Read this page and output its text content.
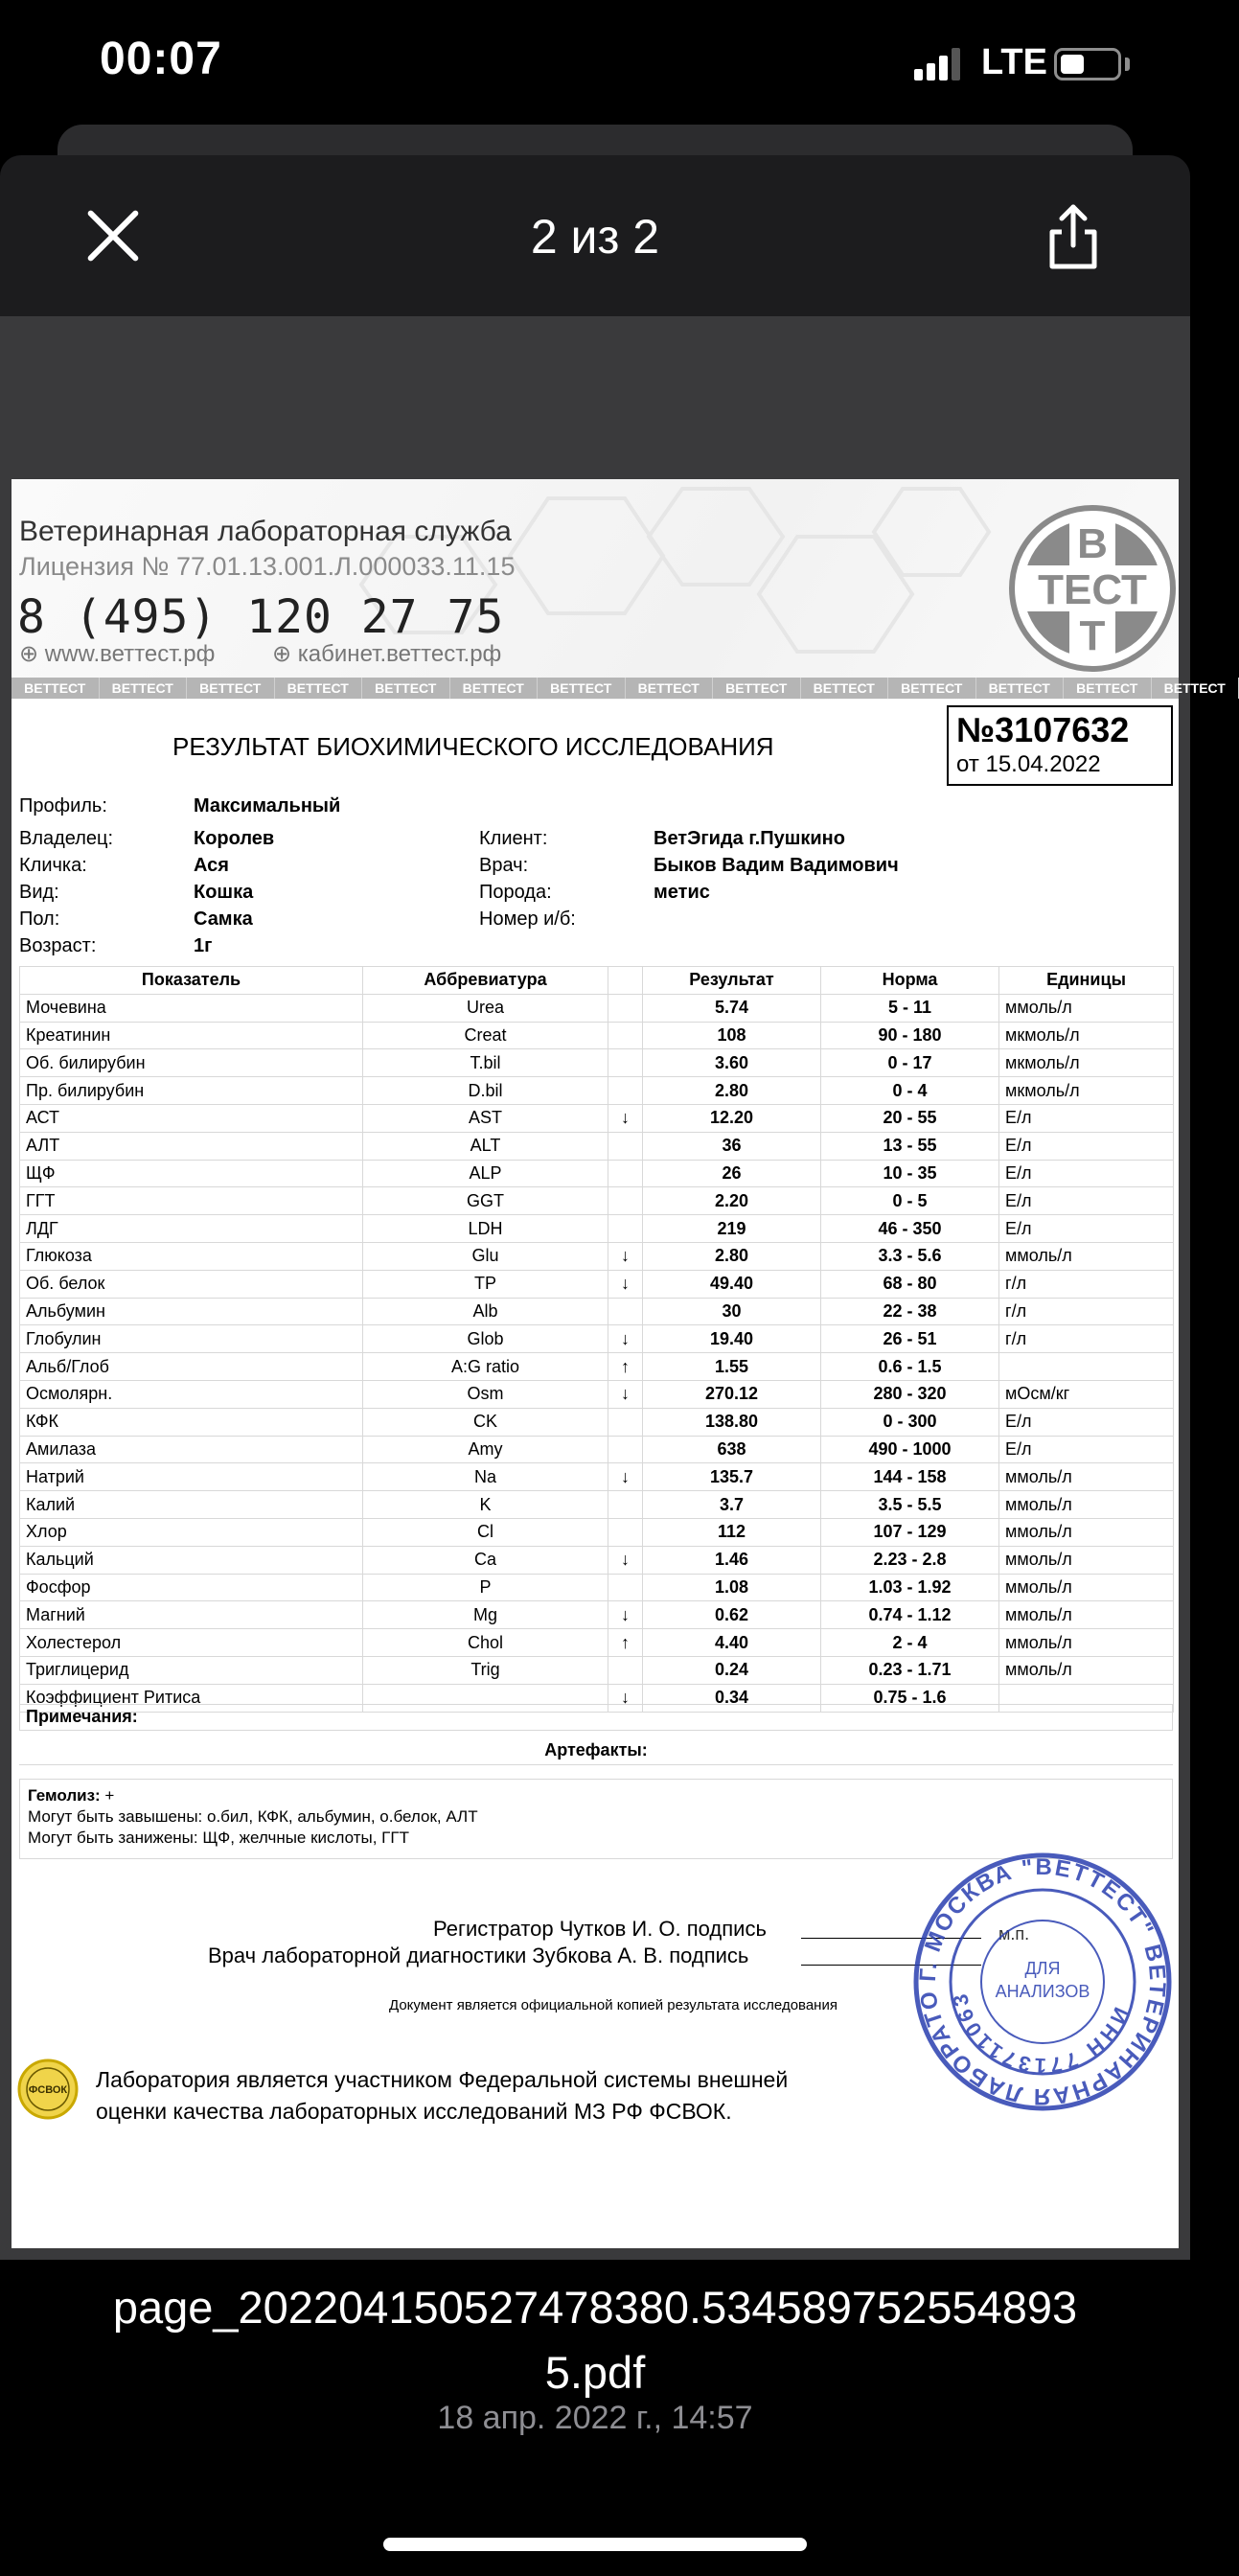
00:07	LTE
2 из 2
Ветеринарная лабораторная служба
Лицензия № 77.01.13.001.Л.000033.11.15
8 (495) 120 27 75
⊕ www.веттест.рф ⊕ кабинет.веттест.рф
В
ТЕСТ
Т
ВЕТТЕСТ ВЕТТЕСТ ВЕТТЕСТ ВЕТТЕСТ ВЕТТЕСТ ВЕТТЕСТ ВЕТТЕСТ ВЕТТЕСТ ВЕТТЕСТ ВЕТТЕСТ ВЕТТЕСТ ВЕТТЕСТ ВЕТТЕСТ ВЕТТЕСТ
РЕЗУЛЬТАТ БИОХИМИЧЕСКОГО ИССЛЕДОВАНИЯ	№3107632
от 15.04.2022
Профиль:	Максимальный
Владелец:	Королев	Клиент:	ВетЭгида г.Пушкино
Кличка:	Ася	Врач:	Быков Вадим Вадимович
Вид:	Кошка	Порода:	метис
Пол:	Самка	Номер и/б:
Возраст:	1г
Показатель	Аббревиатура		Результат	Норма	Единицы
Мочевина	Urea		5.74	5 - 11	ммоль/л
Креатинин	Creat		108	90 - 180	мкмоль/л
Об. билирубин	T.bil		3.60	0 - 17	мкмоль/л
Пр. билирубин	D.bil		2.80	0 - 4	мкмоль/л
АСТ	AST	↓	12.20	20 - 55	Е/л
АЛТ	ALT		36	13 - 55	Е/л
ЩФ	ALP		26	10 - 35	Е/л
ГГТ	GGT		2.20	0 - 5	Е/л
ЛДГ	LDH		219	46 - 350	Е/л
Глюкоза	Glu	↓	2.80	3.3 - 5.6	ммоль/л
Об. белок	TP	↓	49.40	68 - 80	г/л
Альбумин	Alb		30	22 - 38	г/л
Глобулин	Glob	↓	19.40	26 - 51	г/л
Альб/Глоб	A:G ratio	↑	1.55	0.6 - 1.5	
Осмолярн.	Osm	↓	270.12	280 - 320	мОсм/кг
КФК	CK		138.80	0 - 300	Е/л
Амилаза	Amy		638	490 - 1000	Е/л
Натрий	Na	↓	135.7	144 - 158	ммоль/л
Калий	K		3.7	3.5 - 5.5	ммоль/л
Хлор	Cl		112	107 - 129	ммоль/л
Кальций	Ca	↓	1.46	2.23 - 2.8	ммоль/л
Фосфор	P		1.08	1.03 - 1.92	ммоль/л
Магний	Mg	↓	0.62	0.74 - 1.12	ммоль/л
Холестерол	Chol	↑	4.40	2 - 4	ммоль/л
Триглицерид	Trig		0.24	0.23 - 1.71	ммоль/л
Коэффициент Ритиса		↓	0.34	0.75 - 1.6	
Примечания:
Артефакты:
Гемолиз: +
Могут быть завышены: о.бил, КФК, альбумин, о.белок, АЛТ
Могут быть занижены: ЩФ, желчные кислоты, ГГТ
Регистратор Чутков И. О. подпись
Врач лабораторной диагностики Зубкова А. В. подпись
м.п.
Документ является официальной копией результата исследования
ФСВОК Лаборатория является участником Федеральной системы внешней
оценки качества лабораторных исследований МЗ РФ ФСВОК.
Г. МОСКВА "ВЕТТЕСТ" ВЕТЕРИНАРНАЯ ЛАБОРАТО
ИНН 7713711063
ДЛЯ
АНАЛИЗОВ
page_20220415052747838​0.534589752554893
5.pdf
18 апр. 2022 г., 14:57
